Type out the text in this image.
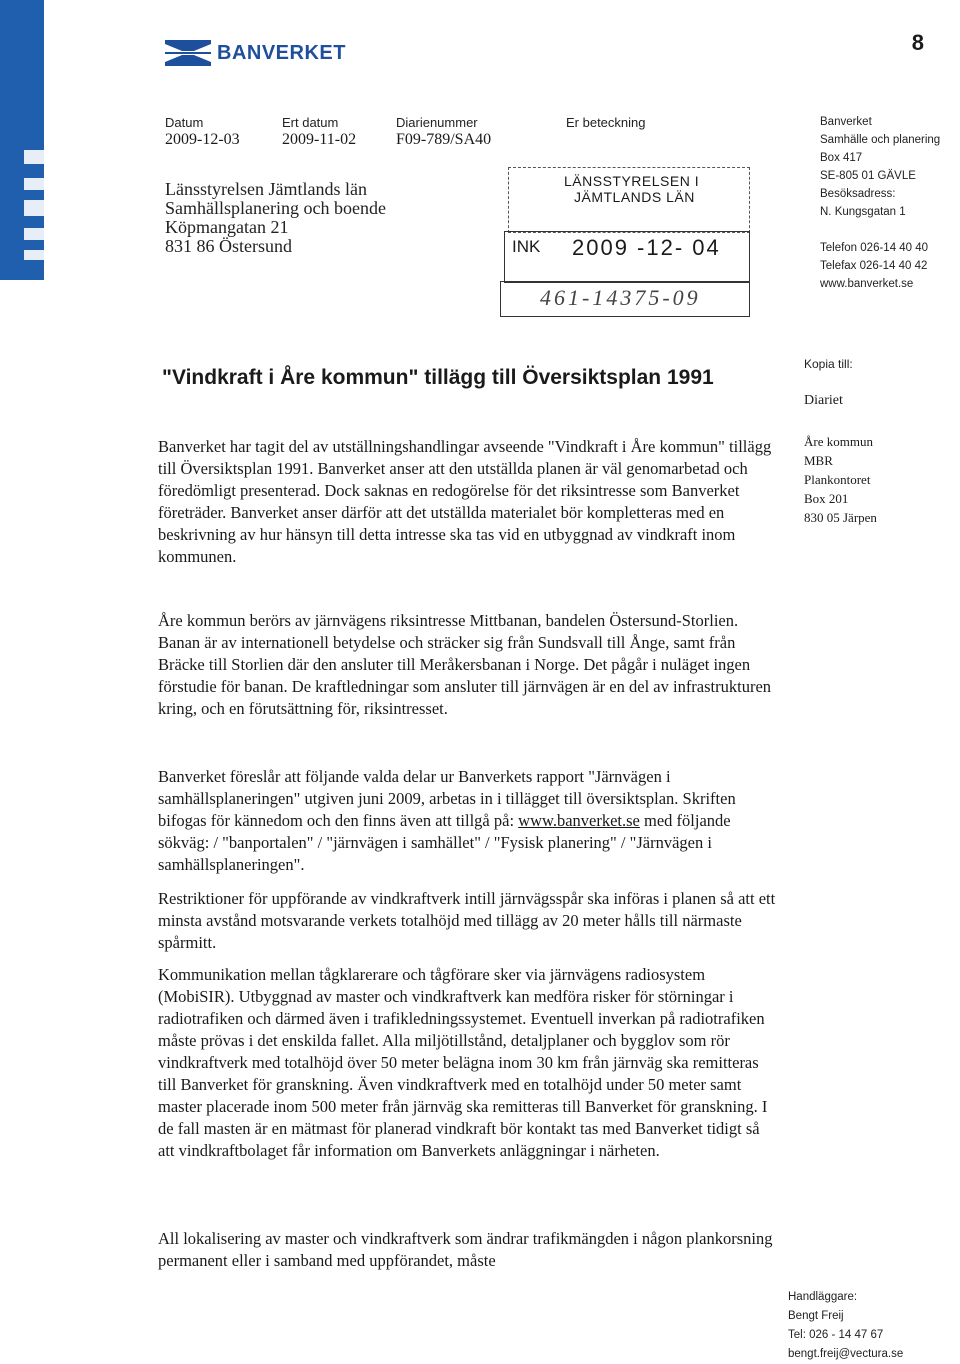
8
BANVERKET
Datum
2009-12-03
Ert datum
2009-11-02
Diarienummer
F09-789/SA40
Er beteckning
Länsstyrelsen Jämtlands län
Samhällsplanering och boende
Köpmangatan 21
831 86 Östersund
LÄNSSTYRELSEN I
JÄMTLANDS LÄN
INK 2009 -12- 04
461-14375-09
Banverket
Samhälle och planering
Box 417
SE-805 01 GÄVLE
Besöksadress:
N. Kungsgatan 1
Telefon 026-14 40 40
Telefax 026-14 40 42
www.banverket.se
"Vindkraft i Åre kommun" tillägg till Översiktsplan 1991
Kopia till:
Diariet
Åre kommun
MBR
Plankontoret
Box 201
830 05 Järpen

Banverket har tagit del av utställningshandlingar avseende "Vindkraft i Åre kommun" tillägg till Översiktsplan 1991. Banverket anser att den utställda planen är väl genomarbetad och föredömligt presenterad. Dock saknas en redogörelse för det riksintresse som Banverket företräder. Banverket anser därför att det utställda materialet bör kompletteras med en beskrivning av hur hänsyn till detta intresse ska tas vid en utbyggnad av vindkraft inom kommunen.

Åre kommun berörs av järnvägens riksintresse Mittbanan, bandelen Östersund-Storlien. Banan är av internationell betydelse och sträcker sig från Sundsvall till Ånge, samt från Bräcke till Storlien där den ansluter till Meråkersbanan i Norge. Det pågår i nuläget ingen förstudie för banan. De kraftledningar som ansluter till järnvägen är en del av infrastrukturen kring, och en förutsättning för, riksintresset.

Banverket föreslår att följande valda delar ur Banverkets rapport "Järnvägen i samhällsplaneringen" utgiven juni 2009, arbetas in i tillägget till översiktsplan. Skriften bifogas för kännedom och den finns även att tillgå på: www.banverket.se med följande sökväg: / "banportalen" / "järnvägen i samhället" / "Fysisk planering" / "Järnvägen i samhällsplaneringen".

Restriktioner för uppförande av vindkraftverk intill järnvägsspår ska införas i planen så att ett minsta avstånd motsvarande verkets totalhöjd med tillägg av 20 meter hålls till närmaste spårmitt.

Kommunikation mellan tågklarerare och tågförare sker via järnvägens radiosystem (MobiSIR). Utbyggnad av master och vindkraftverk kan medföra risker för störningar i radiotrafiken och därmed även i trafikledningssystemet. Eventuell inverkan på radiotrafiken måste prövas i det enskilda fallet. Alla miljötillstånd, detaljplaner och bygglov som rör vindkraftverk med totalhöjd över 50 meter belägna inom 30 km från järnväg ska remitteras till Banverket för granskning. Även vindkraftverk med en totalhöjd under 50 meter samt master placerade inom 500 meter från järnväg ska remitteras till Banverket för granskning. I de fall masten är en mätmast för planerad vindkraft bör kontakt tas med Banverket tidigt så att vindkraftbolaget får information om Banverkets anläggningar i närheten.

All lokalisering av master och vindkraftverk som ändrar trafikmängden i någon plankorsning permanent eller i samband med uppförandet, måste

Handläggare:
Bengt Freij
Tel: 026 - 14 47 67
bengt.freij@vectura.se
